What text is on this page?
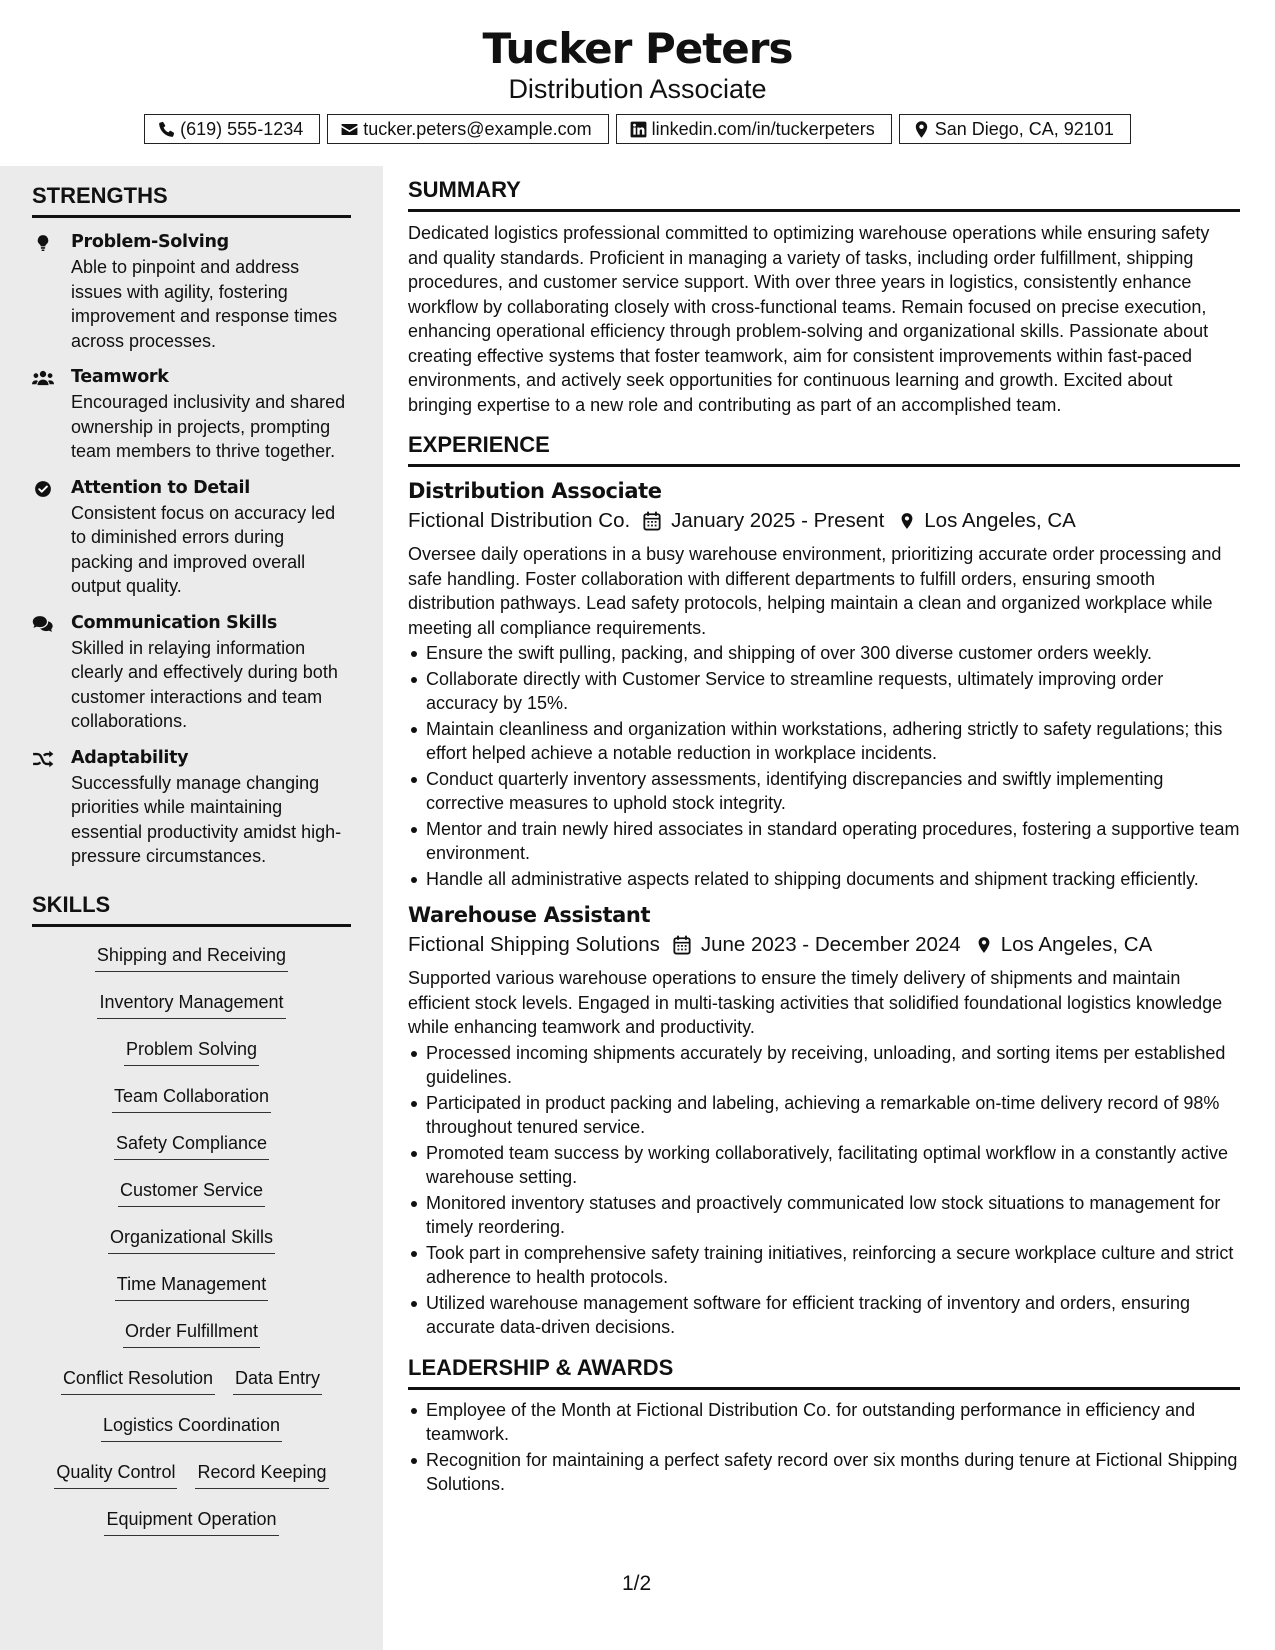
Tucker Peters
Distribution Associate
(619) 555-1234	tucker.peters@example.com	linkedin.com/in/tuckerpeters	San Diego, CA, 92101
STRENGTHS
Problem-Solving
Able to pinpoint and address issues with agility, fostering improvement and response times across processes.
Teamwork
Encouraged inclusivity and shared ownership in projects, prompting team members to thrive together.
Attention to Detail
Consistent focus on accuracy led to diminished errors during packing and improved overall output quality.
Communication Skills
Skilled in relaying information clearly and effectively during both customer interactions and team collaborations.
Adaptability
Successfully manage changing priorities while maintaining essential productivity amidst high-pressure circumstances.
SKILLS
Shipping and Receiving
Inventory Management
Problem Solving
Team Collaboration
Safety Compliance
Customer Service
Organizational Skills
Time Management
Order Fulfillment
Conflict Resolution Data Entry
Logistics Coordination
Quality Control Record Keeping
Equipment Operation
SUMMARY
Dedicated logistics professional committed to optimizing warehouse operations while ensuring safety and quality standards. Proficient in managing a variety of tasks, including order fulfillment, shipping procedures, and customer service support. With over three years in logistics, consistently enhance workflow by collaborating closely with cross-functional teams. Remain focused on precise execution, enhancing operational efficiency through problem-solving and organizational skills. Passionate about creating effective systems that foster teamwork, aim for consistent improvements within fast-paced environments, and actively seek opportunities for continuous learning and growth. Excited about bringing expertise to a new role and contributing as part of an accomplished team.
EXPERIENCE
Distribution Associate
Fictional Distribution Co. January 2025 - Present Los Angeles, CA
Oversee daily operations in a busy warehouse environment, prioritizing accurate order processing and safe handling. Foster collaboration with different departments to fulfill orders, ensuring smooth distribution pathways. Lead safety protocols, helping maintain a clean and organized workplace while meeting all compliance requirements.
Ensure the swift pulling, packing, and shipping of over 300 diverse customer orders weekly.
Collaborate directly with Customer Service to streamline requests, ultimately improving order accuracy by 15%.
Maintain cleanliness and organization within workstations, adhering strictly to safety regulations; this effort helped achieve a notable reduction in workplace incidents.
Conduct quarterly inventory assessments, identifying discrepancies and swiftly implementing corrective measures to uphold stock integrity.
Mentor and train newly hired associates in standard operating procedures, fostering a supportive team environment.
Handle all administrative aspects related to shipping documents and shipment tracking efficiently.
Warehouse Assistant
Fictional Shipping Solutions June 2023 - December 2024 Los Angeles, CA
Supported various warehouse operations to ensure the timely delivery of shipments and maintain efficient stock levels. Engaged in multi-tasking activities that solidified foundational logistics knowledge while enhancing teamwork and productivity.
Processed incoming shipments accurately by receiving, unloading, and sorting items per established guidelines.
Participated in product packing and labeling, achieving a remarkable on-time delivery record of 98% throughout tenured service.
Promoted team success by working collaboratively, facilitating optimal workflow in a constantly active warehouse setting.
Monitored inventory statuses and proactively communicated low stock situations to management for timely reordering.
Took part in comprehensive safety training initiatives, reinforcing a secure workplace culture and strict adherence to health protocols.
Utilized warehouse management software for efficient tracking of inventory and orders, ensuring accurate data-driven decisions.
LEADERSHIP & AWARDS
Employee of the Month at Fictional Distribution Co. for outstanding performance in efficiency and teamwork.
Recognition for maintaining a perfect safety record over six months during tenure at Fictional Shipping Solutions.
1/2
